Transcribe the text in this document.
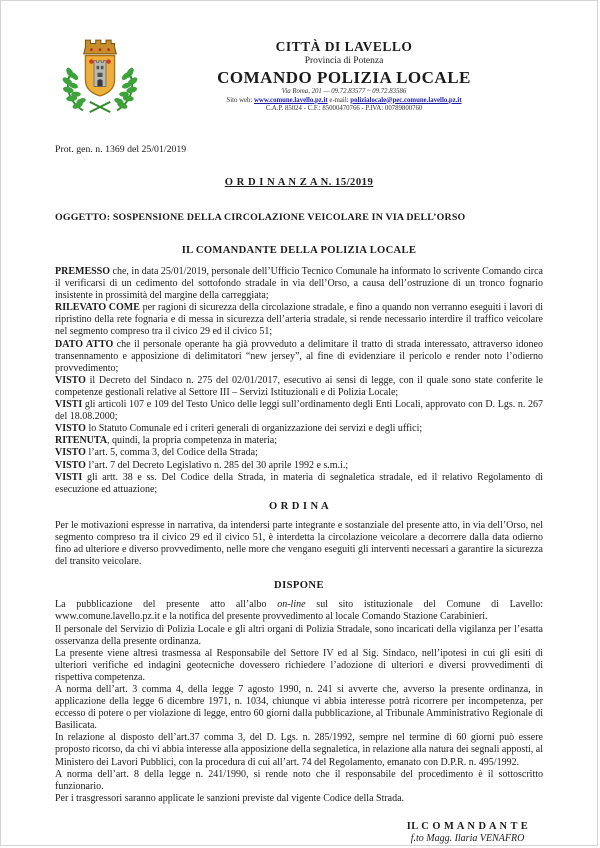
CITTÀ DI LAVELLO
Provincia di Potenza
COMANDO POLIZIA LOCALE
Via Roma, 201 — 09.72.83577 ~ 09.72.83586
Sito web: www.comune.lavello.pz.it e-mail: polizialocale@pec.comune.lavello.pz.it
C.A.P. 85024 - C.F.: 85000470766 - P.IVA: 00789800760
Prot. gen. n. 1369 del 25/01/2019
O R D I N A N Z A N. 15/2019
OGGETTO: SOSPENSIONE DELLA CIRCOLAZIONE VEICOLARE IN VIA DELL’ORSO
IL COMANDANTE DELLA POLIZIA LOCALE

PREMESSO che, in data 25/01/2019, personale dell’Ufficio Tecnico Comunale ha informato lo scrivente Comando circa il verificarsi di un cedimento del sottofondo stradale in via dell’Orso, a causa dell’ostruzione di un tronco fognario insistente in prossimità del margine della carreggiata;

RILEVATO COME per ragioni di sicurezza della circolazione stradale, e fino a quando non verranno eseguiti i lavori di ripristino della rete fognaria e di messa in sicurezza dell’arteria stradale, si rende necessario interdire il traffico veicolare nel segmento compreso tra il civico 29 ed il civico 51;

DATO ATTO che il personale operante ha già provveduto a delimitare il tratto di strada interessato, attraverso idoneo transennamento e apposizione di delimitatori “new jersey”, al fine di evidenziare il pericolo e render noto l’odierno provvedimento;

VISTO il Decreto del Sindaco n. 275 del 02/01/2017, esecutivo ai sensi di legge, con il quale sono state conferite le competenze gestionali relative al Settore III – Servizi Istituzionali e di Polizia Locale;

VISTI gli articoli 107 e 109 del Testo Unico delle leggi sull’ordinamento degli Enti Locali, approvato con D. Lgs. n. 267 del 18.08.2000;

VISTO lo Statuto Comunale ed i criteri generali di organizzazione dei servizi e degli uffici;

RITENUTA, quindi, la propria competenza in materia;

VISTO l’art. 5, comma 3, del Codice della Strada;

VISTO l’art. 7 del Decreto Legislativo n. 285 del 30 aprile 1992 e s.m.i.;

VISTI gli artt. 38 e ss. Del Codice della Strada, in materia di segnaletica stradale, ed il relativo Regolamento di esecuzione ed attuazione;

O R D I N A

Per le motivazioni espresse in narrativa, da intendersi parte integrante e sostanziale del presente atto, in via dell’Orso, nel segmento compreso tra il civico 29 ed il civico 51, è interdetta la circolazione veicolare a decorrere dalla data odierno fino ad ulteriore e diverso provvedimento, nelle more che vengano eseguiti gli interventi necessari a garantire la sicurezza del transito veicolare.

DISPONE

La pubblicazione del presente atto all’albo on-line sul sito istituzionale del Comune di Lavello: www.comune.lavello.pz.it e la notifica del presente provvedimento al locale Comando Stazione Carabinieri.

Il personale del Servizio di Polizia Locale e gli altri organi di Polizia Stradale, sono incaricati della vigilanza per l’esatta osservanza della presente ordinanza.

La presente viene altresì trasmessa al Responsabile del Settore IV ed al Sig. Sindaco, nell’ipotesi in cui gli esiti di ulteriori verifiche ed indagini geotecniche dovessero richiedere l’adozione di ulteriori e diversi provvedimenti di rispettiva competenza.

A norma dell’art. 3 comma 4, della legge 7 agosto 1990, n. 241 si avverte che, avverso la presente ordinanza, in applicazione della legge 6 dicembre 1971, n. 1034, chiunque vi abbia interesse potrà ricorrere per incompetenza, per eccesso di potere o per violazione di legge, entro 60 giorni dalla pubblicazione, al Tribunale Amministrativo Regionale di Basilicata.

In relazione al disposto dell’art.37 comma 3, del D. Lgs. n. 285/1992, sempre nel termine di 60 giorni può essere proposto ricorso, da chi vi abbia interesse alla apposizione della segnaletica, in relazione alla natura dei segnali apposti, al Ministero dei Lavori Pubblici, con la procedura di cui all’art. 74 del Regolamento, emanato con D.P.R. n. 495/1992.

A norma dell’art. 8 della legge n. 241/1990, si rende noto che il responsabile del procedimento è il sottoscritto funzionario.

Per i trasgressori saranno applicate le sanzioni previste dal vigente Codice della Strada.

IL C O M A N D A N T E
f.to Magg. Ilaria VENAFRO
